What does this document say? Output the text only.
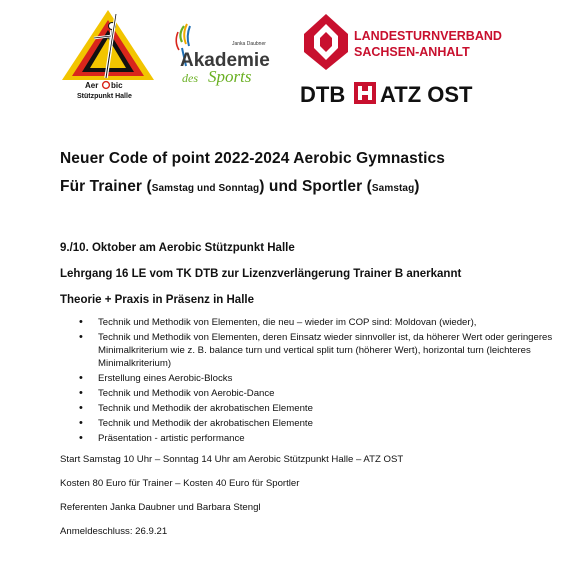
Aer bic
Stützpunkt Halle
Janka Daubner
Akademie
des Sports
LANDESTURNVERBAND
SACHSEN-ANHALT
DTB ATZ OST
Neuer Code of point 2022-2024 Aerobic Gymnastics
Für Trainer (Samstag und Sonntag) und Sportler (Samstag)

9./10. Oktober am Aerobic Stützpunkt Halle

Lehrgang 16 LE vom TK DTB zur Lizenzverlängerung Trainer B anerkannt

Theorie + Praxis in Präsenz in Halle

• Technik und Methodik von Elementen, die neu – wieder im COP sind: Moldovan (wieder),
• Technik und Methodik von Elementen, deren Einsatz wieder sinnvoller ist, da höherer Wert oder geringeres Minimalkriterium wie z. B. balance turn und vertical split turn (höherer Wert), horizontal turn (leichteres Minimalkriterium)
• Erstellung eines Aerobic-Blocks
• Technik und Methodik von Aerobic-Dance
• Technik und Methodik der akrobatischen Elemente
• Technik und Methodik der akrobatischen Elemente
• Präsentation - artistic performance

Start Samstag 10 Uhr – Sonntag 14 Uhr am Aerobic Stützpunkt Halle – ATZ OST

Kosten 80 Euro für Trainer – Kosten 40 Euro für Sportler

Referenten Janka Daubner und Barbara Stengl

Anmeldeschluss: 26.9.21
